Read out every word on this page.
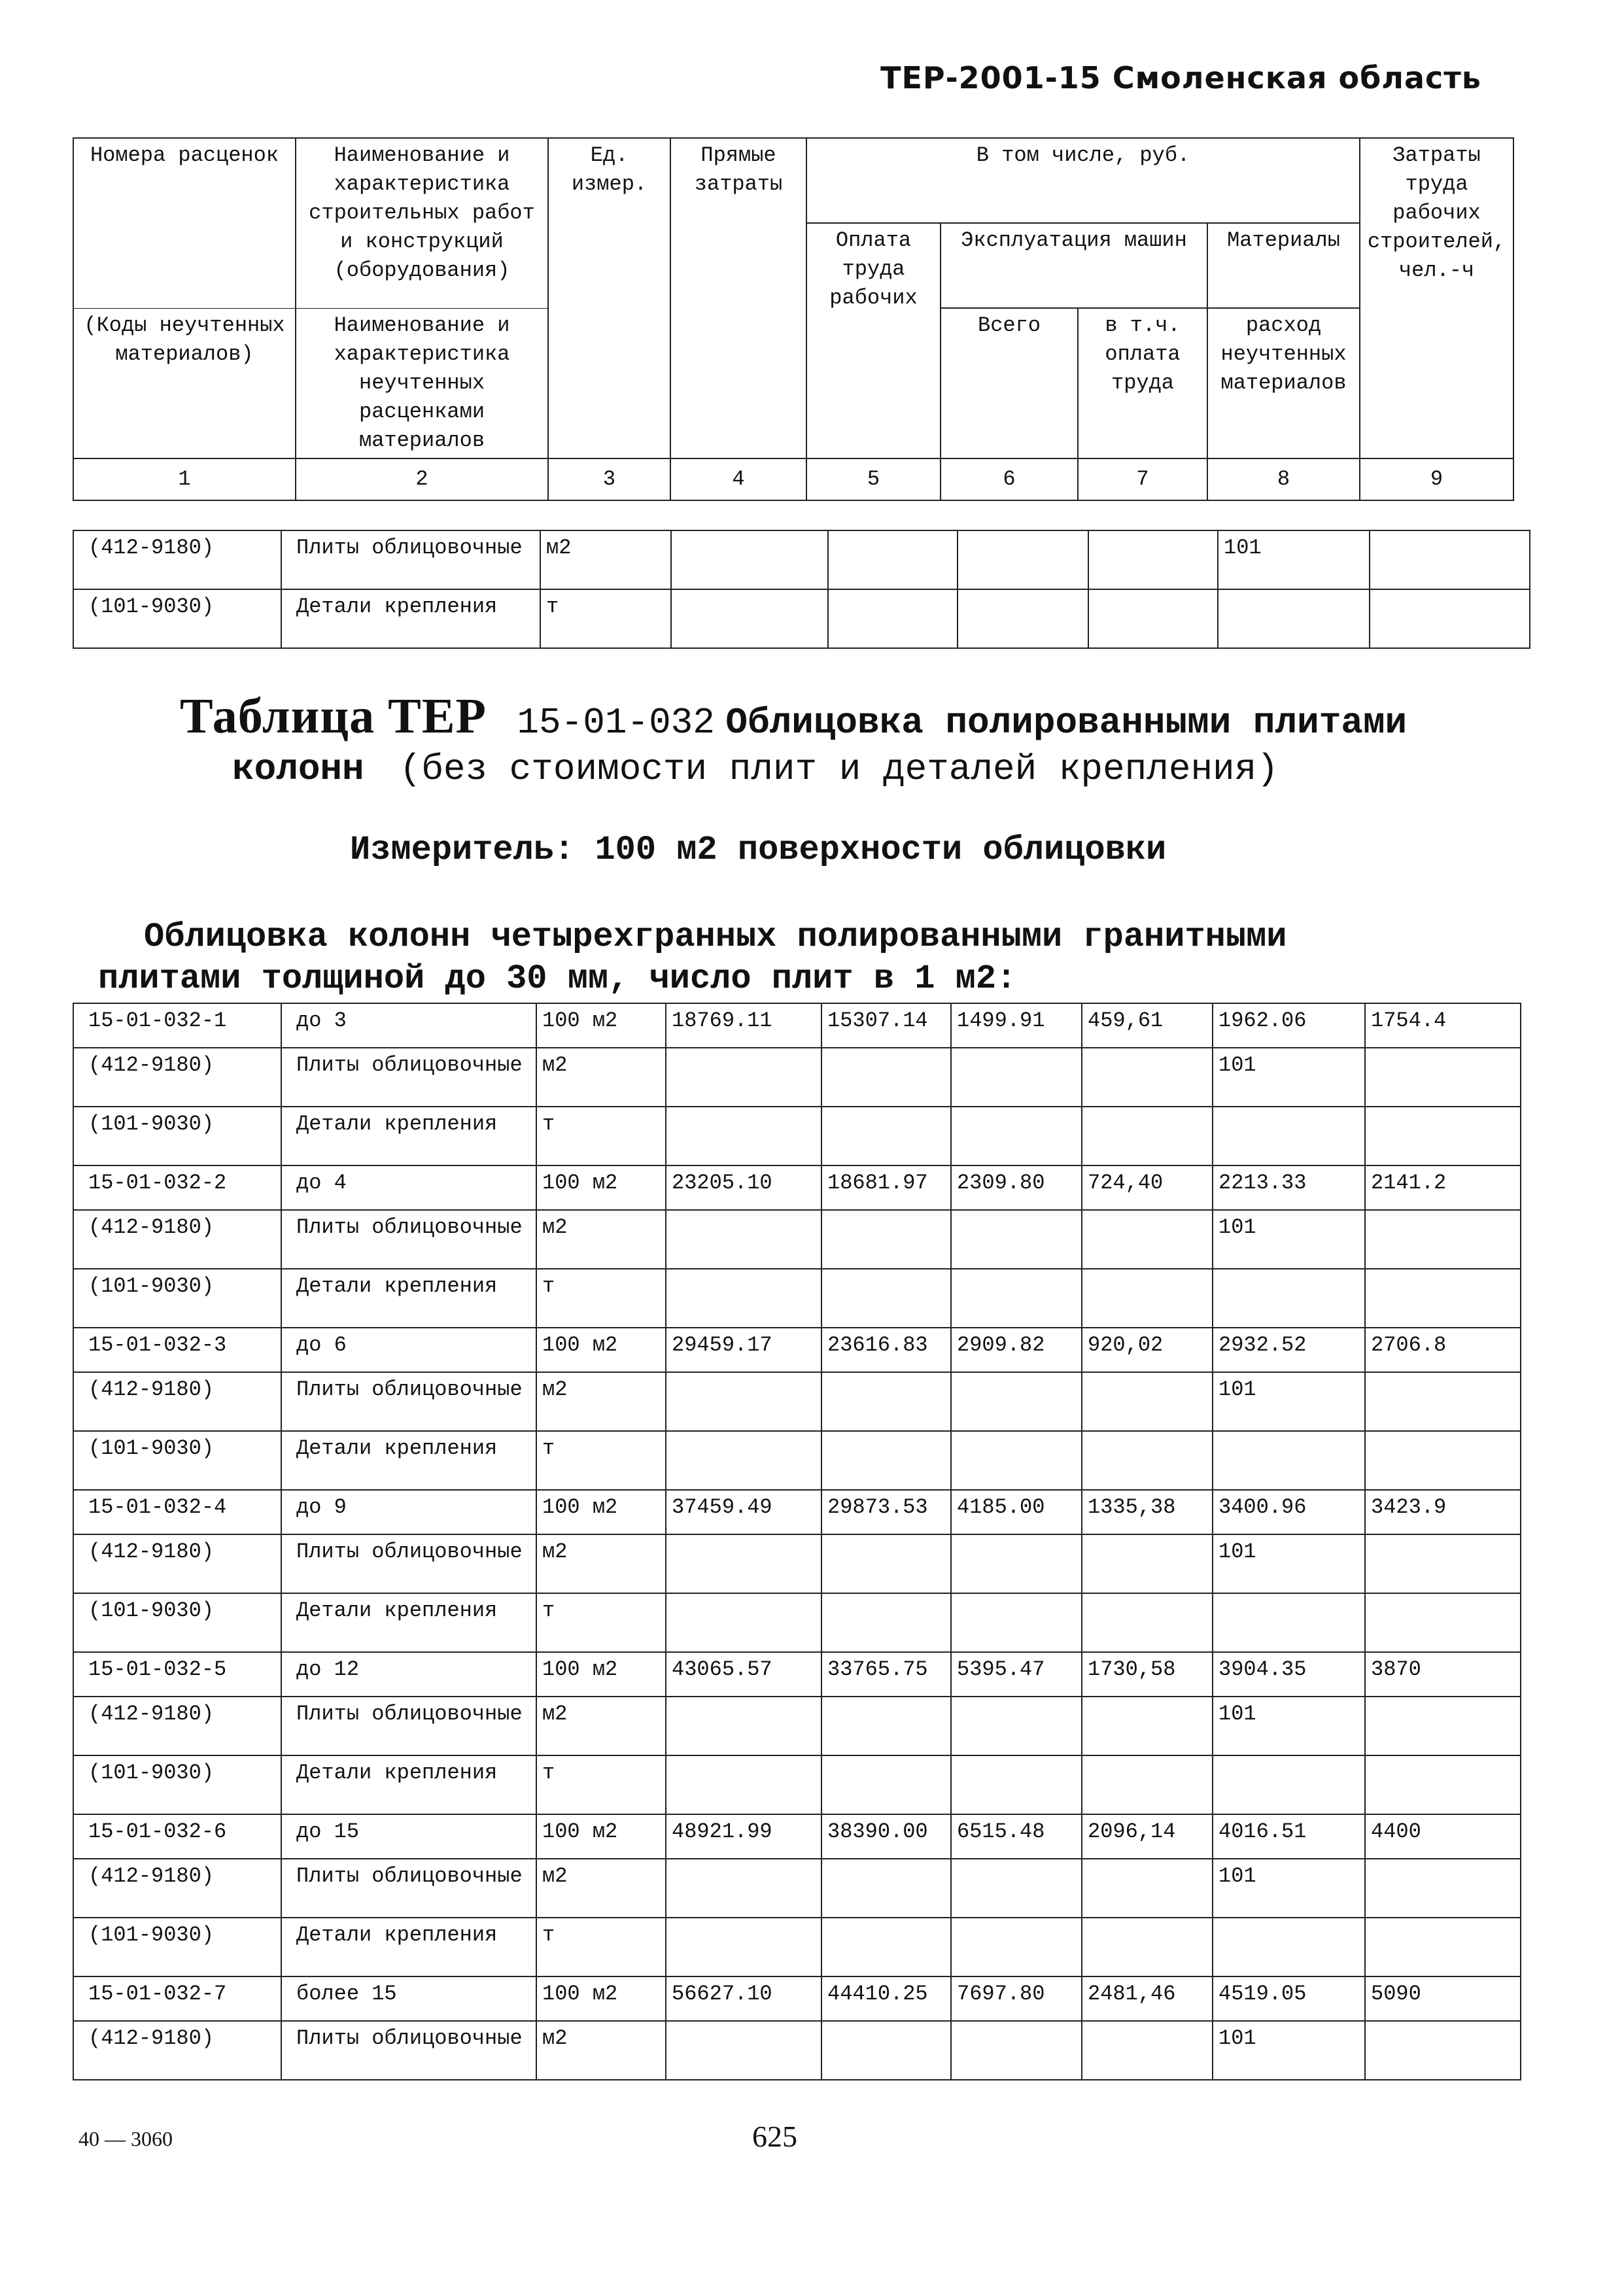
ТЕР-2001-15 Смоленская область
Номера расценок	Наименование и характеристика строительных работ и конструкций (оборудования)	Ед. измер.	Прямые затраты	В том числе, руб.				Затраты труда рабочих строителей, чел.-ч
				Оплата труда рабочих	Эксплуатация машин		Материалы	
(Коды неучтенных материалов)	Наименование и характеристика неучтенных расценками материалов				Всего	в т.ч. оплата труда	расход неучтенных материалов	
1	2	3	4	5	6	7	8	9
(412-9180)	Плиты облицовочные	м2					101	
(101-9030)	Детали крепления	т						
Таблица ТЕР 15-01-032 Облицовка полированными плитами
колонн (без стоимости плит и деталей крепления)
Измеритель: 100 м2 поверхности облицовки
Облицовка колонн четырехгранных полированными гранитными
плитами толщиной до 30 мм, число плит в 1 м2:
15-01-032-1	до 3	100 м2	18769.11	15307.14	1499.91	459,61	1962.06	1754.4
(412-9180)	Плиты облицовочные	м2					101	
(101-9030)	Детали крепления	т						
15-01-032-2	до 4	100 м2	23205.10	18681.97	2309.80	724,40	2213.33	2141.2
(412-9180)	Плиты облицовочные	м2					101	
(101-9030)	Детали крепления	т						
15-01-032-3	до 6	100 м2	29459.17	23616.83	2909.82	920,02	2932.52	2706.8
(412-9180)	Плиты облицовочные	м2					101	
(101-9030)	Детали крепления	т						
15-01-032-4	до 9	100 м2	37459.49	29873.53	4185.00	1335,38	3400.96	3423.9
(412-9180)	Плиты облицовочные	м2					101	
(101-9030)	Детали крепления	т						
15-01-032-5	до 12	100 м2	43065.57	33765.75	5395.47	1730,58	3904.35	3870
(412-9180)	Плиты облицовочные	м2					101	
(101-9030)	Детали крепления	т						
15-01-032-6	до 15	100 м2	48921.99	38390.00	6515.48	2096,14	4016.51	4400
(412-9180)	Плиты облицовочные	м2					101	
(101-9030)	Детали крепления	т						
15-01-032-7	более 15	100 м2	56627.10	44410.25	7697.80	2481,46	4519.05	5090
(412-9180)	Плиты облицовочные	м2					101	
40 — 3060	625
